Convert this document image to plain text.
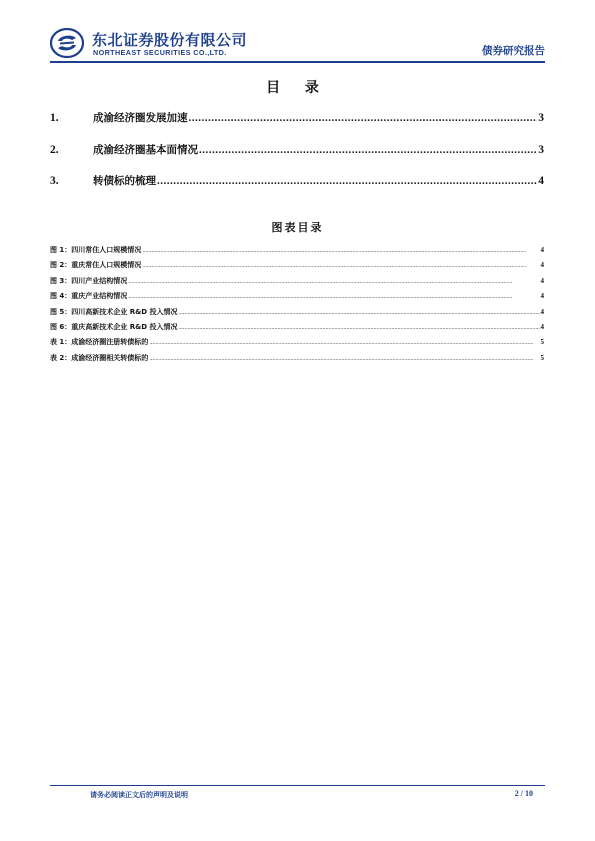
东北证券股份有限公司
NORTHEAST SECURITIES CO.,LTD.	债券研究报告
目 录
1.	成渝经济圈发展加速 .....	3
2.	成渝经济圈基本面情况 .....	3
3.	转债标的梳理 .....	4
图表目录
图 1：四川常住人口规模情况 .....	4
图 2：重庆常住人口规模情况 .....	4
图 3：四川产业结构情况 .....	4
图 4：重庆产业结构情况 .....	4
图 5：四川高新技术企业 R&D 投入情况 .....	4
图 6：重庆高新技术企业 R&D 投入情况 .....	4
表 1：成渝经济圈注册转债标的 .....	5
表 2：成渝经济圈相关转债标的 .....	5
请务必阅读正文后的声明及说明	2 / 10
